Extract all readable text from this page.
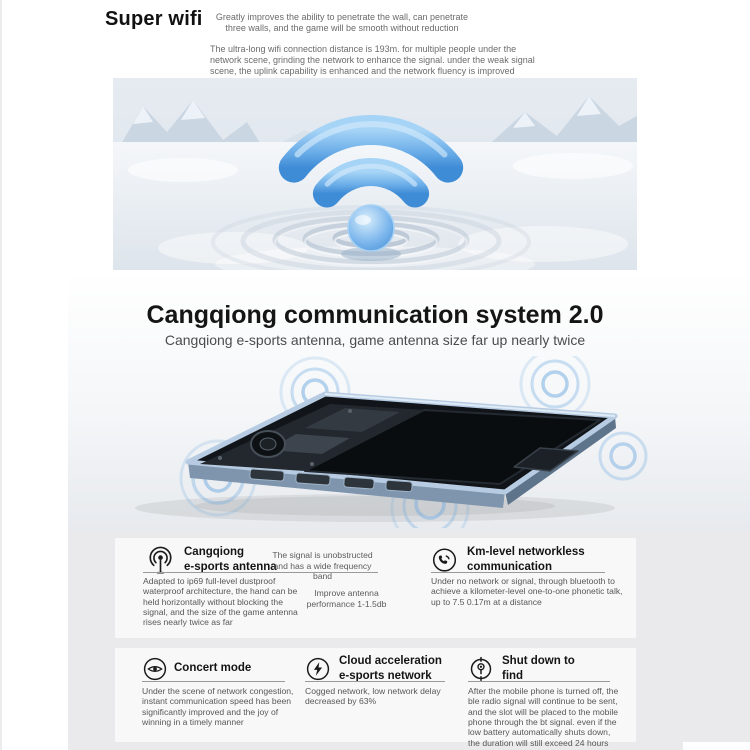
Super wifi	Greatly improves the ability to penetrate the wall, can penetrate three walls, and the game will be smooth without reduction
The ultra-long wifi connection distance is 193m. for multiple people under the network scene, grinding the network to enhance the signal. under the weak signal scene, the uplink capability is enhanced and the network fluency is improved
Cangqiong communication system 2.0
Cangqiong e-sports antenna, game antenna size far up nearly twice
Cangqiong
e-sports antenna
The signal is unobstructed and has a wide frequency band
Adapted to ip69 full-level dustproof waterproof architecture, the hand can be held horizontally without blocking the signal, and the size of the game antenna rises nearly twice as far
Improve antenna performance 1-1.5db
Km-level networkless
communication
Under no network or signal, through bluetooth to achieve a kilometer-level one-to-one phonetic talk, up to 7.5 0.17m at a distance
Concert mode
Under the scene of network congestion, instant communication speed has been significantly improved and the joy of winning in a timely manner
Cloud acceleration
e-sports network
Cogged network, low network delay decreased by 63%
Shut down to
find
After the mobile phone is turned off, the ble radio signal will continue to be sent, and the slot will be placed to the mobile phone through the bt signal. even if the low battery automatically shuts down, the duration will still exceed 24 hours
